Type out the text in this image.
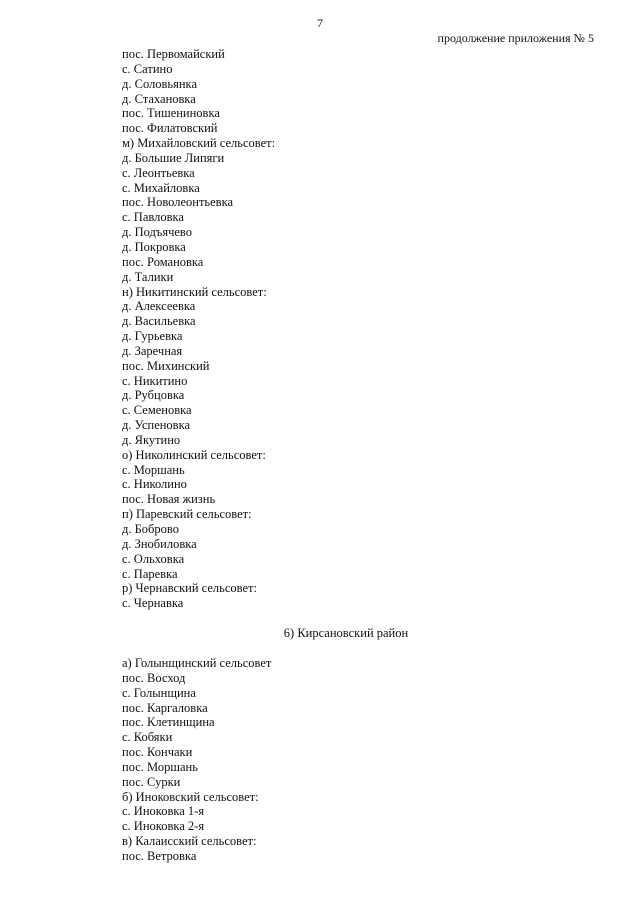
7
продолжение приложения № 5
пос. Первомайский
с. Сатино
д. Соловьянка
д. Стахановка
пос. Тишениновка
пос. Филатовский
м) Михайловский сельсовет:
д. Большие Липяги
с. Леонтьевка
с. Михайловка
пос. Новолеонтьевка
с. Павловка
д. Подъячево
д. Покровка
пос. Романовка
д. Талики
н) Никитинский сельсовет:
д. Алексеевка
д. Васильевка
д. Гурьевка
д. Заречная
пос. Михинский
с. Никитино
д. Рубцовка
с. Семеновка
д. Успеновка
д. Якутино
о) Николинский сельсовет:
с. Моршань
с. Николино
пос. Новая жизнь
п) Паревский сельсовет:
д. Боброво
д. Знобиловка
с. Ольховка
с. Паревка
р) Чернавский сельсовет:
с. Чернавка
6) Кирсановский район
а) Голынщинский сельсовет
пос. Восход
с. Голынщина
пос. Каргаловка
пос. Клетинщина
с. Кобяки
пос. Кончаки
пос. Моршань
пос. Сурки
б) Иноковский сельсовет:
с. Иноковка 1-я
с. Иноковка 2-я
в) Калаисский сельсовет:
пос. Ветровка
